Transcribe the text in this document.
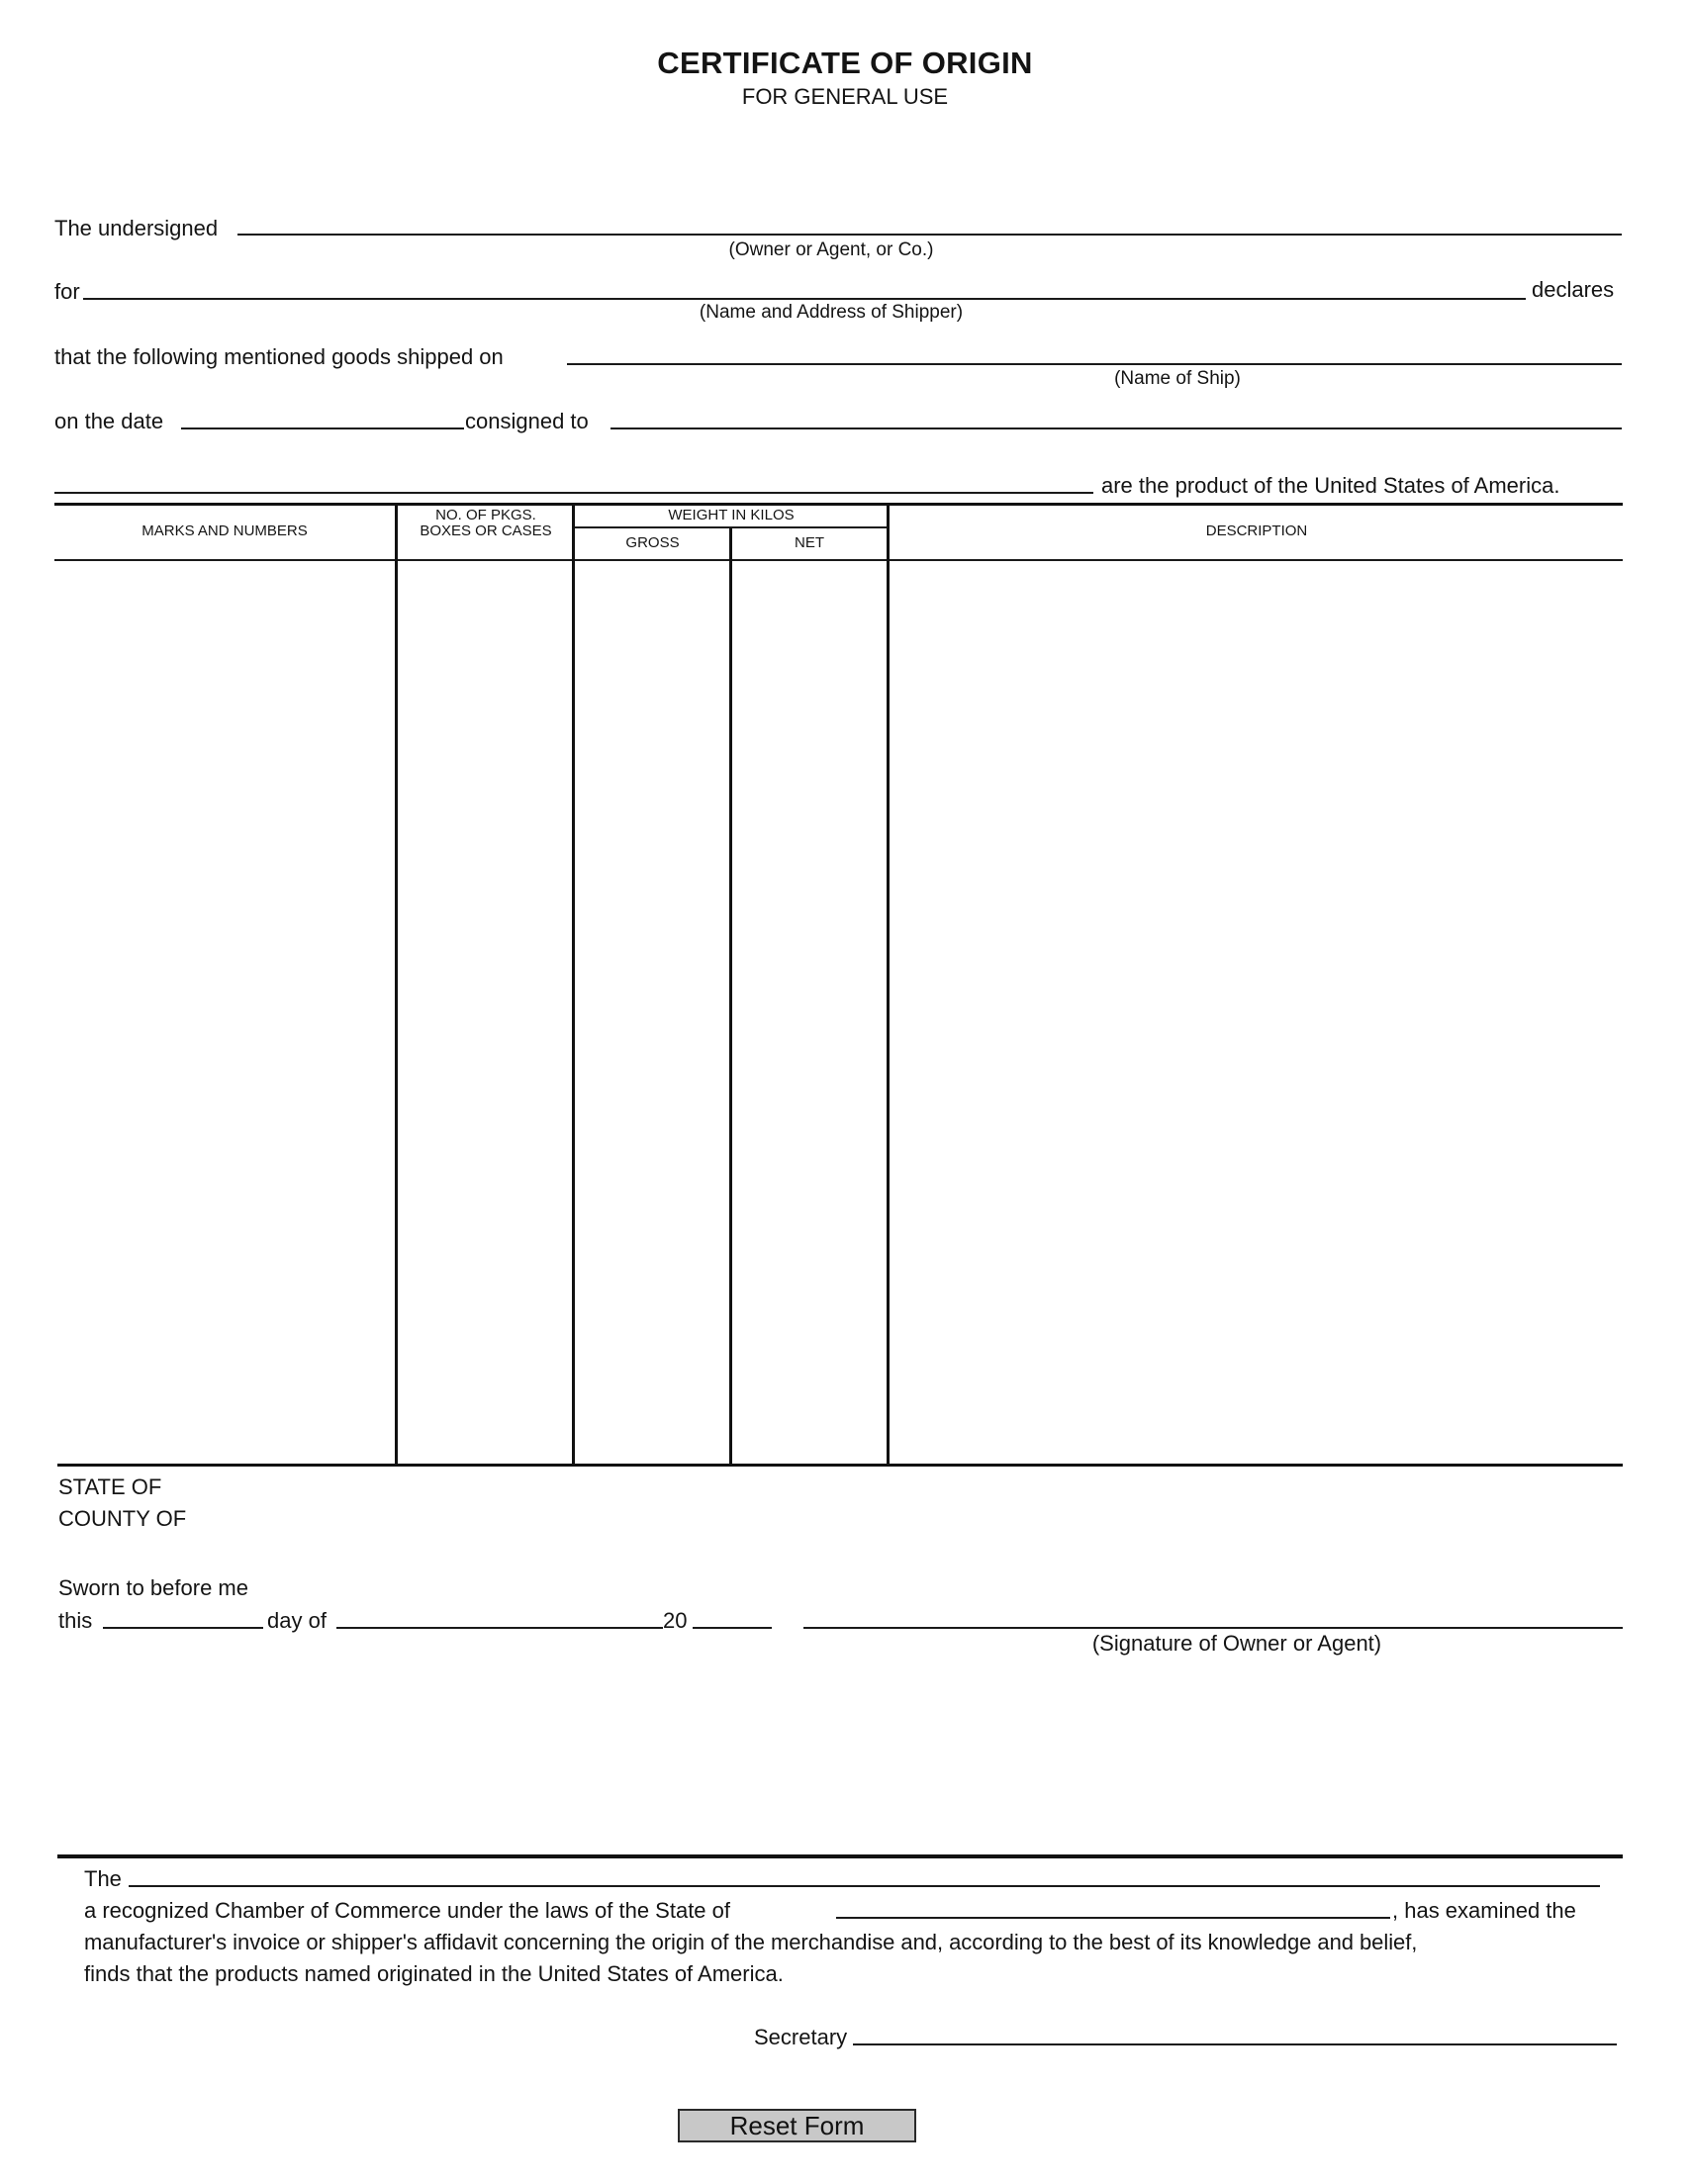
CERTIFICATE OF ORIGIN
FOR GENERAL USE
The undersigned
(Owner or Agent, or Co.)
for	declares
(Name and Address of Shipper)
that the following mentioned goods shipped on
(Name of Ship)
on the date	consigned to
are the product of the United States of America.
MARKS AND NUMBERS
NO. OF PKGS. BOXES OR CASES
WEIGHT IN KILOS
GROSS	NET
DESCRIPTION
STATE OF
COUNTY OF
Sworn to before me
this	day of	20
(Signature of Owner or Agent)
The
a recognized Chamber of Commerce under the laws of the State of	, has examined the
manufacturer's invoice or shipper's affidavit concerning the origin of the merchandise and, according to the best of its knowledge and belief,
finds that the products named originated in the United States of America.
Secretary
Reset Form
